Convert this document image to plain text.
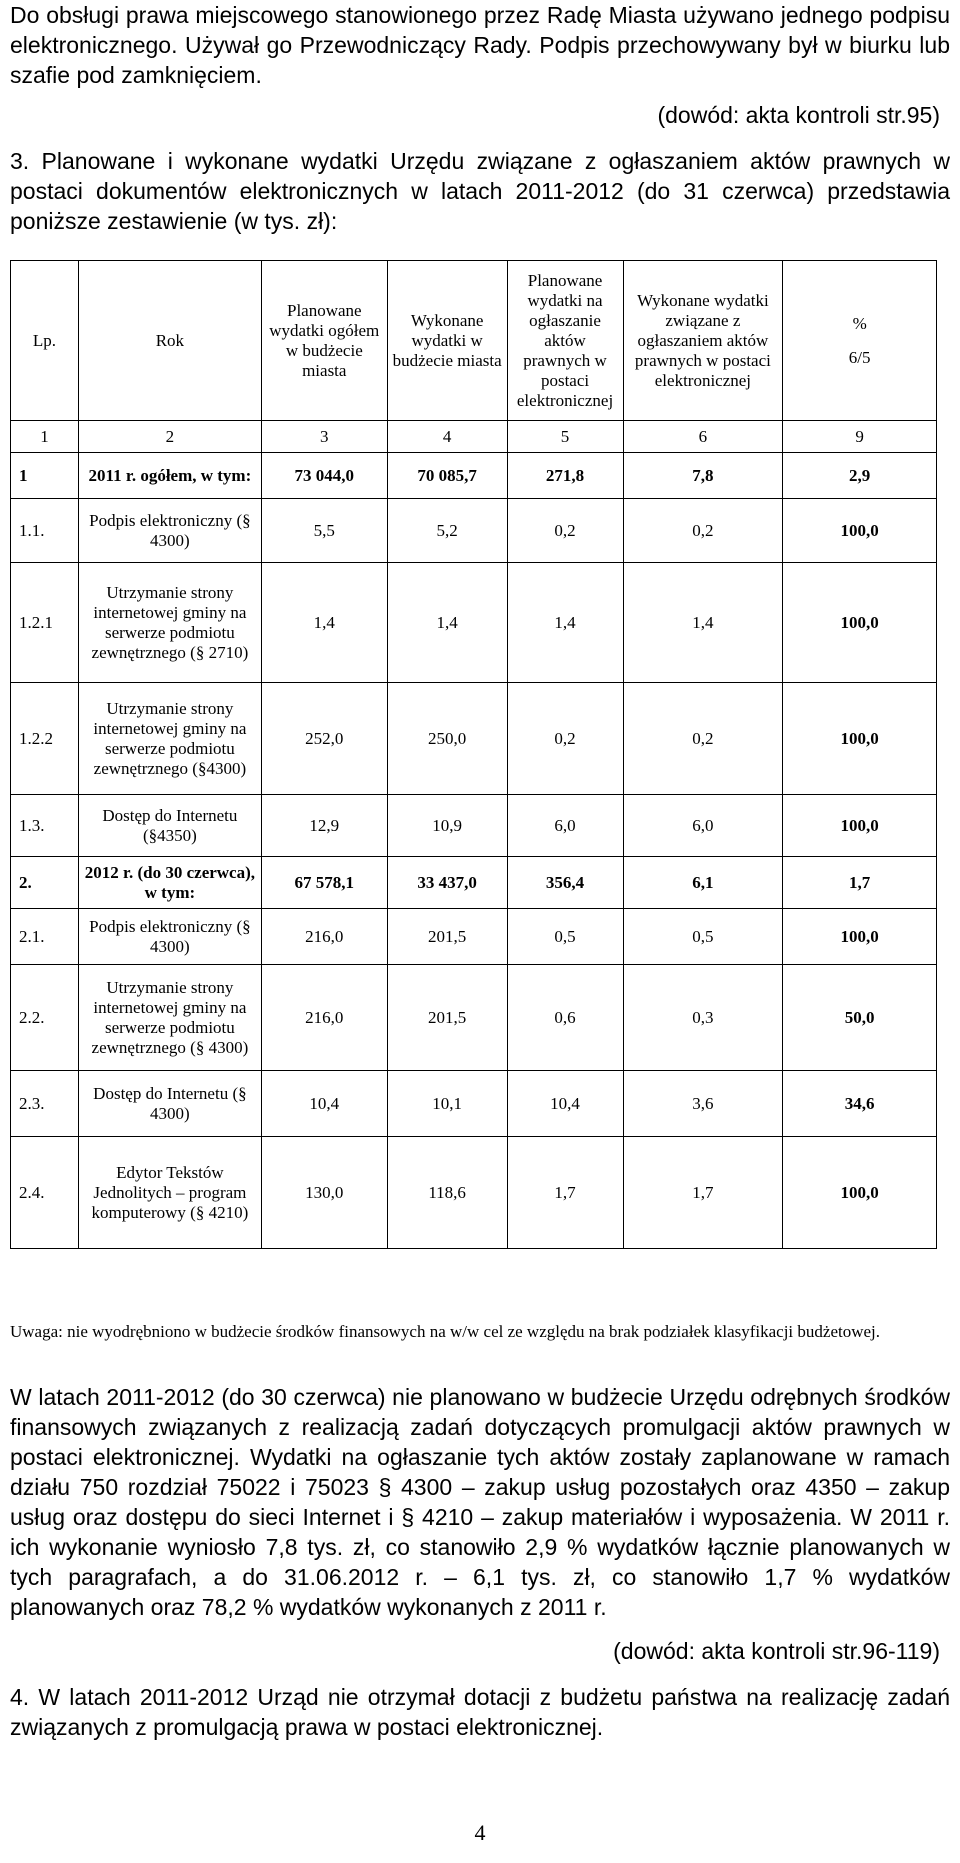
Do obsługi prawa miejscowego stanowionego przez Radę Miasta używano jednego podpisu elektronicznego. Używał go Przewodniczący Rady. Podpis przechowywany był w biurku lub szafie pod zamknięciem.
(dowód: akta kontroli str.95)
3. Planowane i wykonane wydatki Urzędu związane z ogłaszaniem aktów prawnych w postaci dokumentów elektronicznych w latach 2011-2012 (do 31 czerwca) przedstawia poniższe zestawienie (w tys. zł):
Lp.	Rok	Planowane wydatki ogółem w budżecie miasta	Wykonane wydatki w budżecie miasta	Planowane wydatki na ogłaszanie aktów prawnych w postaci elektronicznej	Wykonane wydatki związane z ogłaszaniem aktów prawnych w postaci elektronicznej	%
6/5

1	2	3	4	5	6	9
1	2011 r. ogółem, w tym:	73 044,0	70 085,7	271,8	7,8	2,9
1.1.	Podpis elektroniczny (§ 4300)	5,5	5,2	0,2	0,2	100,0
1.2.1	Utrzymanie strony internetowej gminy na serwerze podmiotu zewnętrznego (§ 2710)	1,4	1,4	1,4	1,4	100,0
1.2.2	Utrzymanie strony internetowej gminy na serwerze podmiotu zewnętrznego (§4300)	252,0	250,0	0,2	0,2	100,0
1.3.	Dostęp do Internetu (§4350)	12,9	10,9	6,0	6,0	100,0
2.	2012 r. (do 30 czerwca), w tym:	67 578,1	33 437,0	356,4	6,1	1,7
2.1.	Podpis elektroniczny (§ 4300)	216,0	201,5	0,5	0,5	100,0
2.2.	Utrzymanie strony internetowej gminy na serwerze podmiotu zewnętrznego (§ 4300)	216,0	201,5	0,6	0,3	50,0
2.3.	Dostęp do Internetu (§ 4300)	10,4	10,1	10,4	3,6	34,6
2.4.	Edytor Tekstów Jednolitych – program komputerowy (§ 4210)	130,0	118,6	1,7	1,7	100,0
Uwaga: nie wyodrębniono w budżecie środków finansowych na w/w cel ze względu na brak podziałek klasyfikacji budżetowej.
W latach 2011-2012 (do 30 czerwca) nie planowano w budżecie Urzędu odrębnych środków finansowych związanych z realizacją zadań dotyczących promulgacji aktów prawnych w postaci elektronicznej. Wydatki na ogłaszanie tych aktów zostały zaplanowane w ramach działu 750 rozdział 75022 i 75023 § 4300 – zakup usług pozostałych oraz 4350 – zakup usług oraz dostępu do sieci Internet i § 4210 – zakup materiałów i wyposażenia. W 2011 r. ich wykonanie wyniosło 7,8 tys. zł, co stanowiło 2,9 % wydatków łącznie planowanych w tych paragrafach, a do 31.06.2012 r. – 6,1 tys. zł, co stanowiło 1,7 % wydatków planowanych oraz 78,2 % wydatków wykonanych z 2011 r.
(dowód: akta kontroli str.96-119)
4. W latach 2011-2012 Urząd nie otrzymał dotacji z budżetu państwa na realizację zadań związanych z promulgacją prawa w postaci elektronicznej.
4
